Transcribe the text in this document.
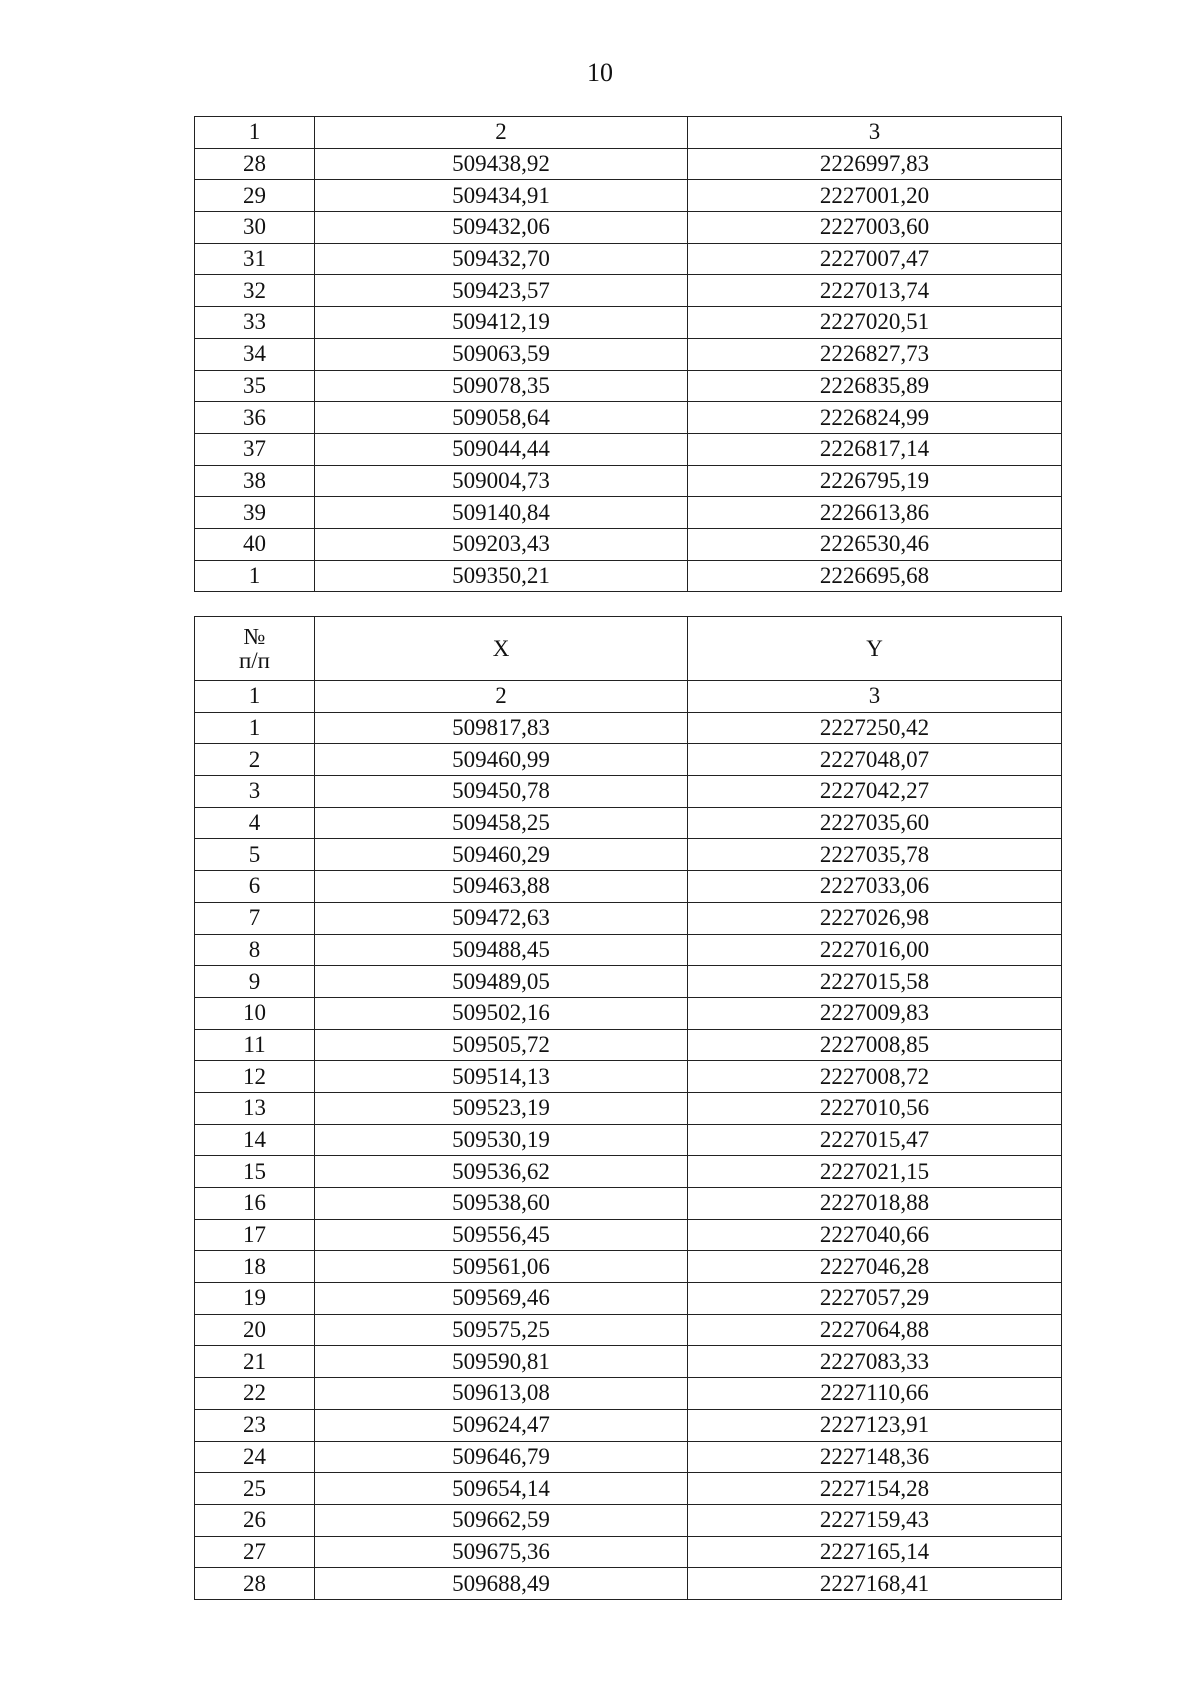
10
1	2	3
28	509438,92	2226997,83
29	509434,91	2227001,20
30	509432,06	2227003,60
31	509432,70	2227007,47
32	509423,57	2227013,74
33	509412,19	2227020,51
34	509063,59	2226827,73
35	509078,35	2226835,89
36	509058,64	2226824,99
37	509044,44	2226817,14
38	509004,73	2226795,19
39	509140,84	2226613,86
40	509203,43	2226530,46
1	509350,21	2226695,68
№
п/п	X	Y
1	2	3
1	509817,83	2227250,42
2	509460,99	2227048,07
3	509450,78	2227042,27
4	509458,25	2227035,60
5	509460,29	2227035,78
6	509463,88	2227033,06
7	509472,63	2227026,98
8	509488,45	2227016,00
9	509489,05	2227015,58
10	509502,16	2227009,83
11	509505,72	2227008,85
12	509514,13	2227008,72
13	509523,19	2227010,56
14	509530,19	2227015,47
15	509536,62	2227021,15
16	509538,60	2227018,88
17	509556,45	2227040,66
18	509561,06	2227046,28
19	509569,46	2227057,29
20	509575,25	2227064,88
21	509590,81	2227083,33
22	509613,08	2227110,66
23	509624,47	2227123,91
24	509646,79	2227148,36
25	509654,14	2227154,28
26	509662,59	2227159,43
27	509675,36	2227165,14
28	509688,49	2227168,41
